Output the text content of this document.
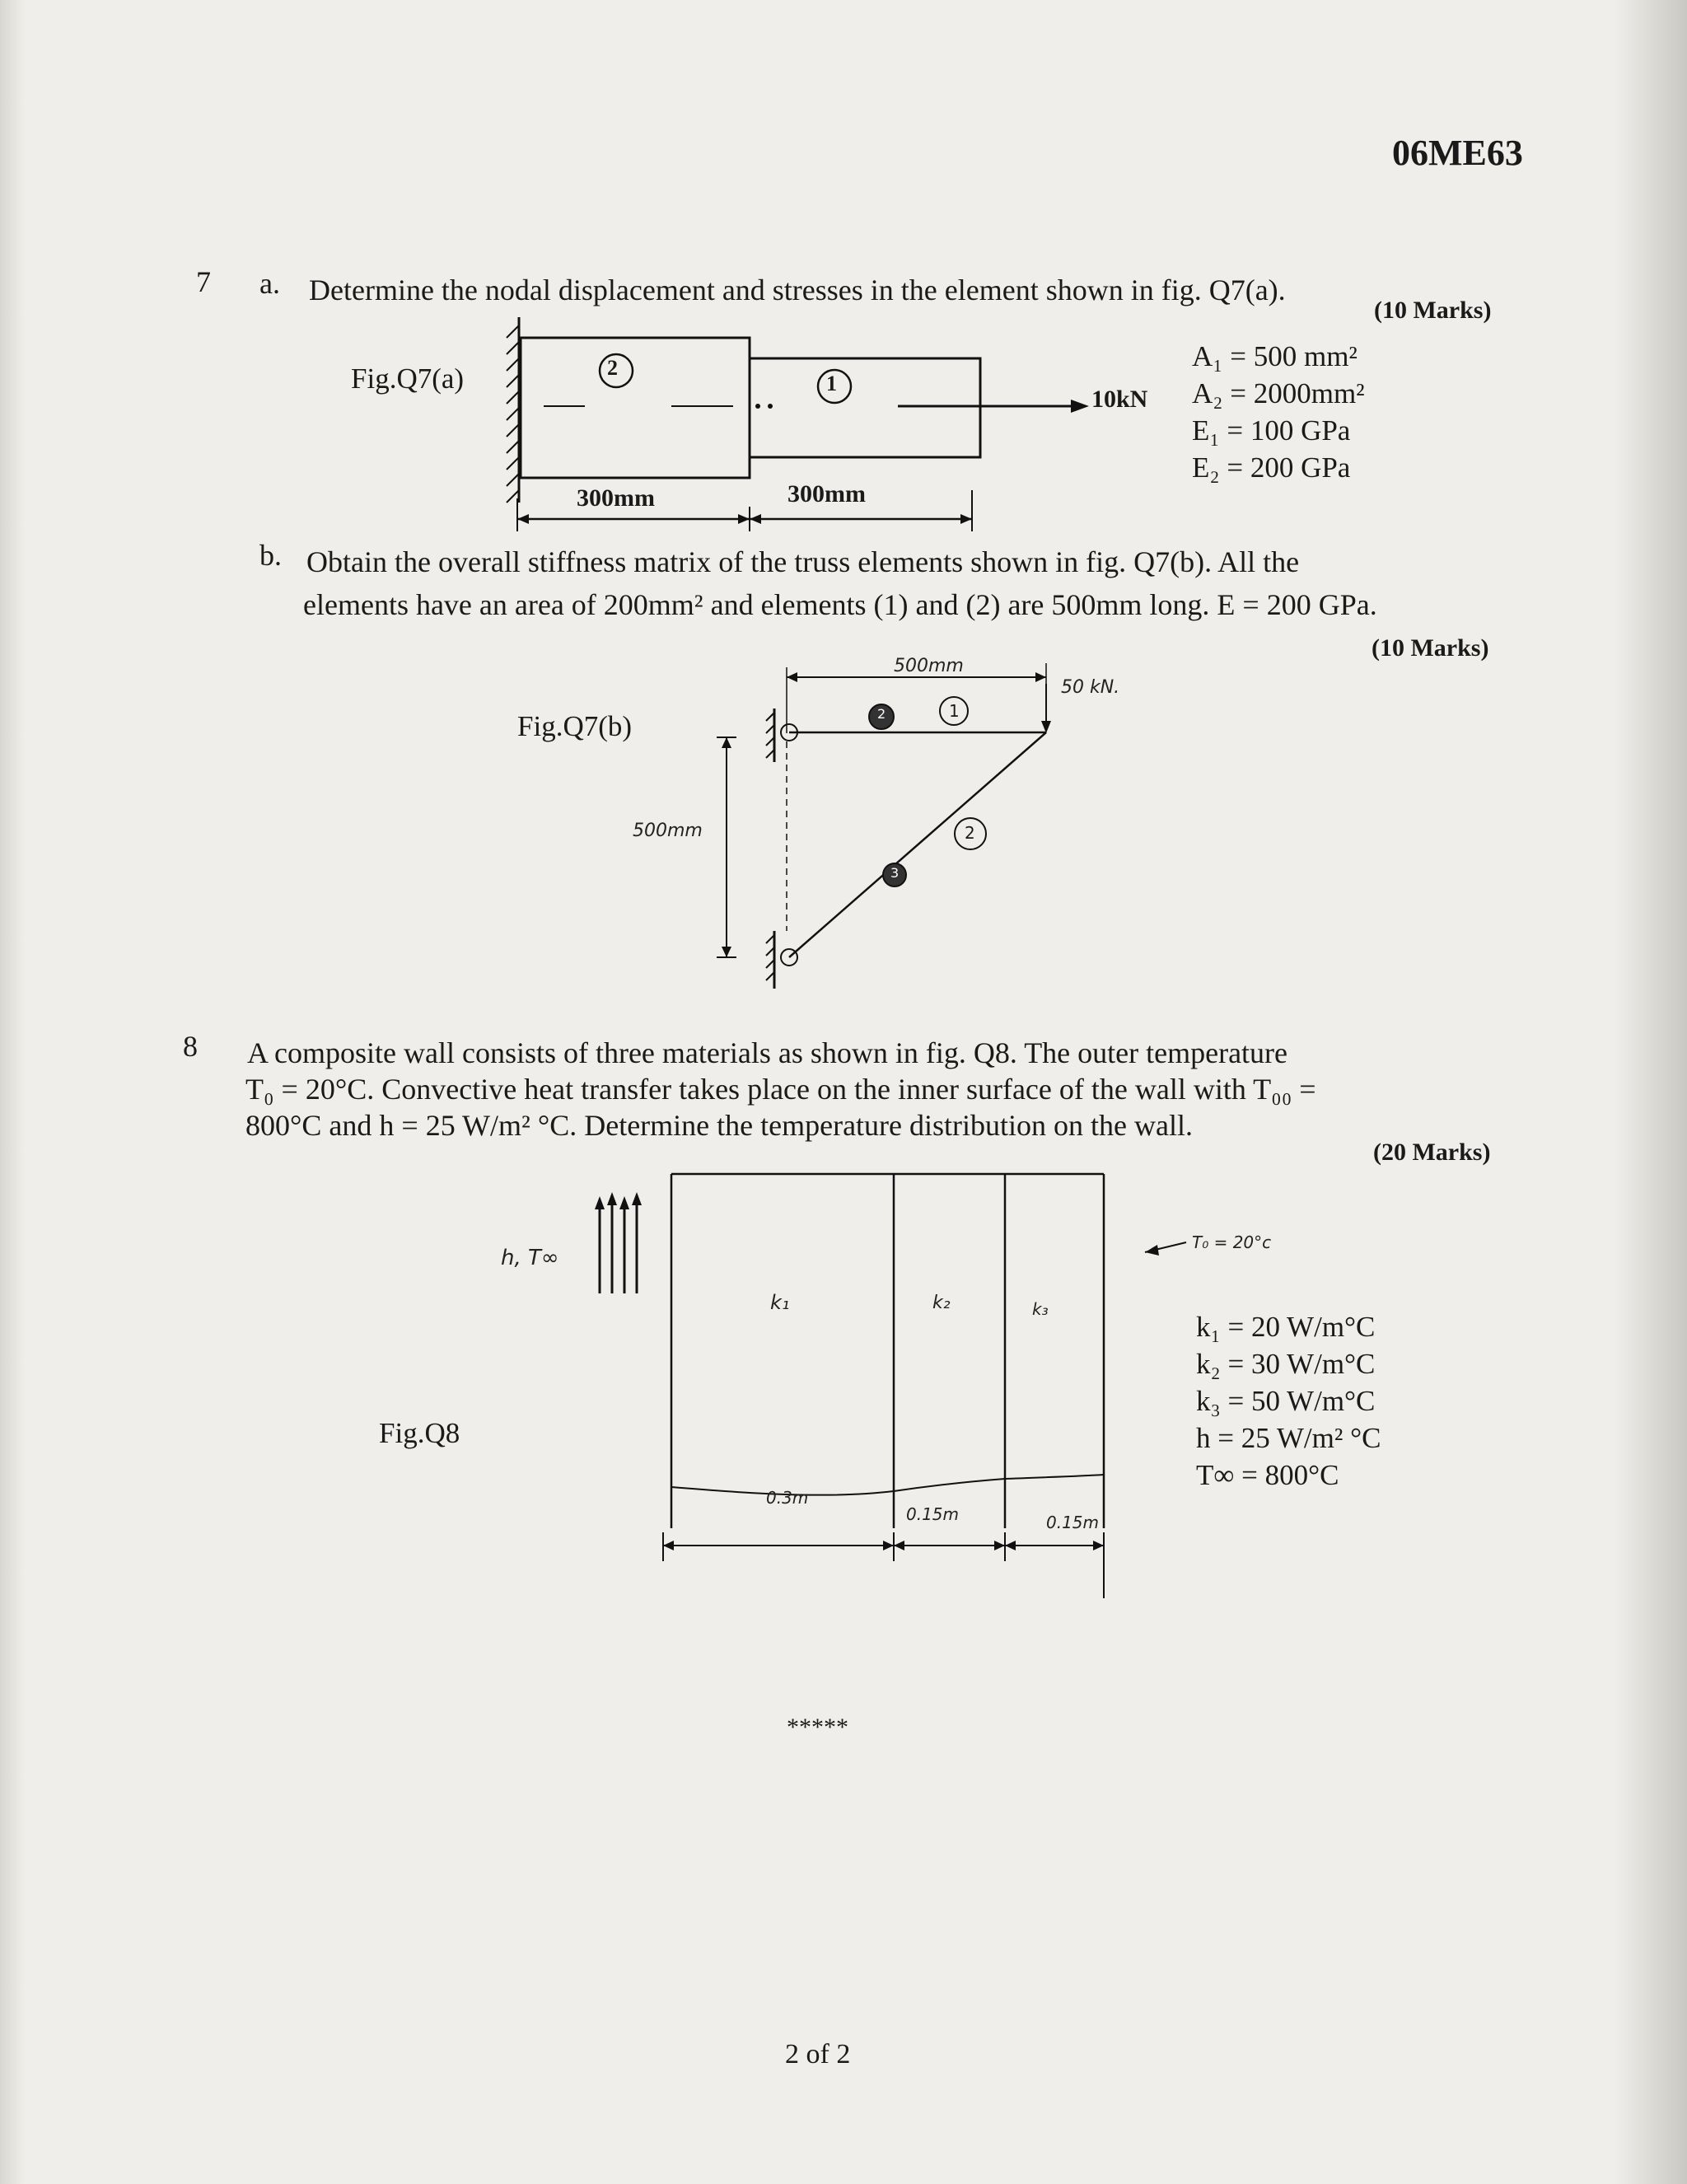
06ME63
7 a. Determine the nodal displacement and stresses in the element shown in fig. Q7(a).
(10 Marks)
Fig.Q7(a)	2
1
10kN
300mm	300mm
A₁ = 500 mm²
A₂ = 2000mm²
E₁ = 100 GPa
E₂ = 200 GPa
b. Obtain the overall stiffness matrix of the truss elements shown in fig. Q7(b). All the
elements have an area of 200mm² and elements (1) and (2) are 500mm long. E = 200 GPa.
(10 Marks)
Fig.Q7(b)
500mm
50 kN.
500mm
1
2
2
3
8 A composite wall consists of three materials as shown in fig. Q8. The outer temperature
T₀ = 20°C. Convective heat transfer takes place on the inner surface of the wall with T₀₀ =
800°C and h = 25 W/m² °C. Determine the temperature distribution on the wall.
(20 Marks)
Fig.Q8
h, T∞
T₀ = 20°c
k₁	k₂	k₃
0.3m
0.15m	0.15m
k₁ = 20 W/m°C
k₂ = 30 W/m°C
k₃ = 50 W/m°C
h = 25 W/m² °C
T∞ = 800°C
*****
2 of 2
